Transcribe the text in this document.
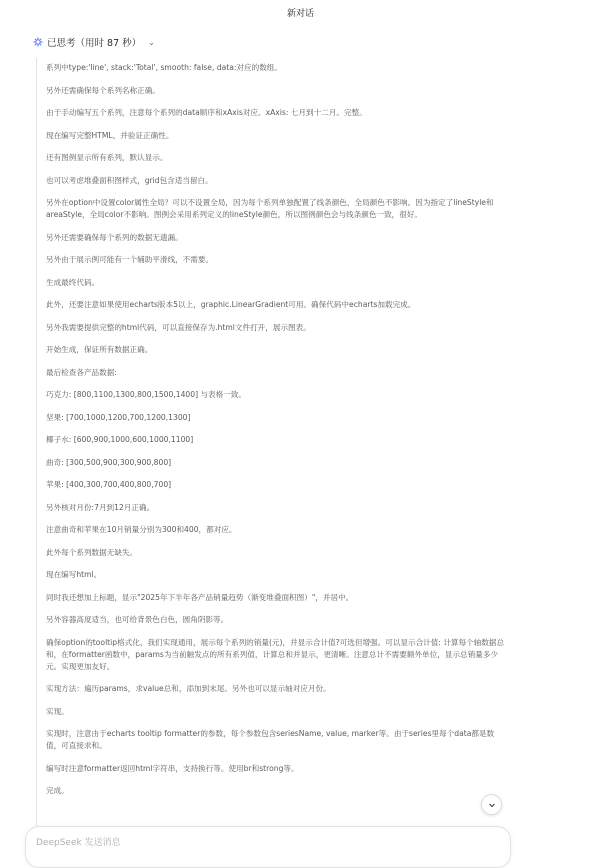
新对话
已思考（用时 87 秒） ⌄

系列中type:'line', stack:'Total', smooth: false, data:对应的数组。

另外还需确保每个系列名称正确。

由于手动编写五个系列，注意每个系列的data顺序和xAxis对应。xAxis: 七月到十二月。完整。

现在编写完整HTML，并验证正确性。

还有图例显示所有系列，默认显示。

也可以考虑堆叠面积图样式，grid包含适当留白。

另外在option中设置color属性全局？可以不设置全局，因为每个系列单独配置了线条颜色，全局颜色不影响。因为指定了lineStyle和areaStyle，全局color不影响。图例会采用系列定义的lineStyle颜色，所以图例颜色会与线条颜色一致，很好。

另外还需要确保每个系列的数据无遗漏。

另外由于展示例可能有一个辅助平滑线，不需要。

生成最终代码。

此外，还要注意如果使用echarts版本5以上，graphic.LinearGradient可用。确保代码中echarts加载完成。

另外我需要提供完整的html代码，可以直接保存为.html文件打开，展示图表。

开始生成，保证所有数据正确。

最后检查各产品数据:

巧克力: [800,1100,1300,800,1500,1400] 与表格一致。

坚果: [700,1000,1200,700,1200,1300]

椰子水: [600,900,1000,600,1000,1100]

曲奇: [300,500,900,300,900,800]

苹果: [400,300,700,400,800,700]

另外核对月份:7月到12月正确。

注意曲奇和苹果在10月销量分别为300和400，都对应。

此外每个系列数据无缺失。

现在编写html。

同时我还想加上标题，显示"2025年下半年各产品销量趋势（渐变堆叠面积图）"，并居中。

另外容器高度适当，也可给背景色白色，圆角阴影等。

确保option的tooltip格式化，我们实现通用，展示每个系列的销量(元)，并显示合计值?可选但增强。可以显示合计值: 计算每个轴数据总和，在formatter函数中，params为当前触发点的所有系列值，计算总和并显示，更清晰。注意总计不需要额外单位，显示总销量多少元。实现更加友好。

实现方法：遍历params，求value总和，添加到末尾。另外也可以显示轴对应月份。

实现。

实现时，注意由于echarts tooltip formatter的参数，每个参数包含seriesName, value, marker等。由于series里每个data都是数值，可直接求和。

编写时注意formatter返回html字符串，支持换行等。使用br和strong等。

完成。

DeepSeek 发送消息
